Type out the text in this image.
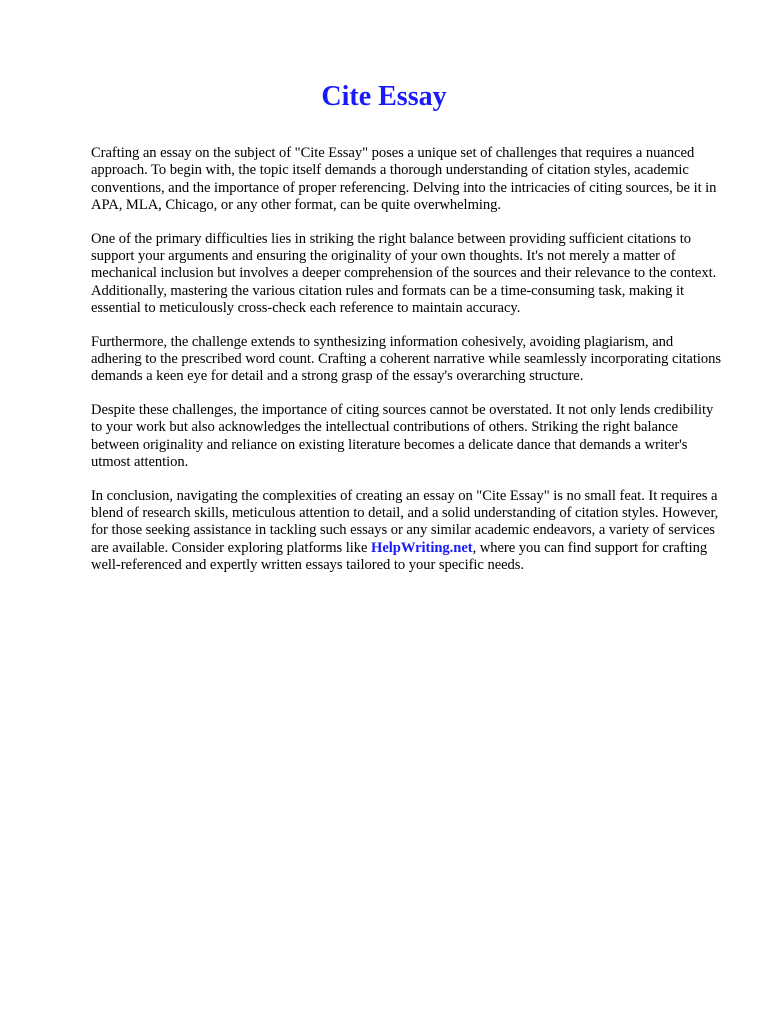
Cite Essay

Crafting an essay on the subject of "Cite Essay" poses a unique set of challenges that requires a nuanced approach. To begin with, the topic itself demands a thorough understanding of citation styles, academic conventions, and the importance of proper referencing. Delving into the intricacies of citing sources, be it in APA, MLA, Chicago, or any other format, can be quite overwhelming.

One of the primary difficulties lies in striking the right balance between providing sufficient citations to support your arguments and ensuring the originality of your own thoughts. It's not merely a matter of mechanical inclusion but involves a deeper comprehension of the sources and their relevance to the context. Additionally, mastering the various citation rules and formats can be a time-consuming task, making it essential to meticulously cross-check each reference to maintain accuracy.

Furthermore, the challenge extends to synthesizing information cohesively, avoiding plagiarism, and adhering to the prescribed word count. Crafting a coherent narrative while seamlessly incorporating citations demands a keen eye for detail and a strong grasp of the essay's overarching structure.

Despite these challenges, the importance of citing sources cannot be overstated. It not only lends credibility to your work but also acknowledges the intellectual contributions of others. Striking the right balance between originality and reliance on existing literature becomes a delicate dance that demands a writer's utmost attention.

In conclusion, navigating the complexities of creating an essay on "Cite Essay" is no small feat. It requires a blend of research skills, meticulous attention to detail, and a solid understanding of citation styles. However, for those seeking assistance in tackling such essays or any similar academic endeavors, a variety of services are available. Consider exploring platforms like HelpWriting.net, where you can find support for crafting well-referenced and expertly written essays tailored to your specific needs.
